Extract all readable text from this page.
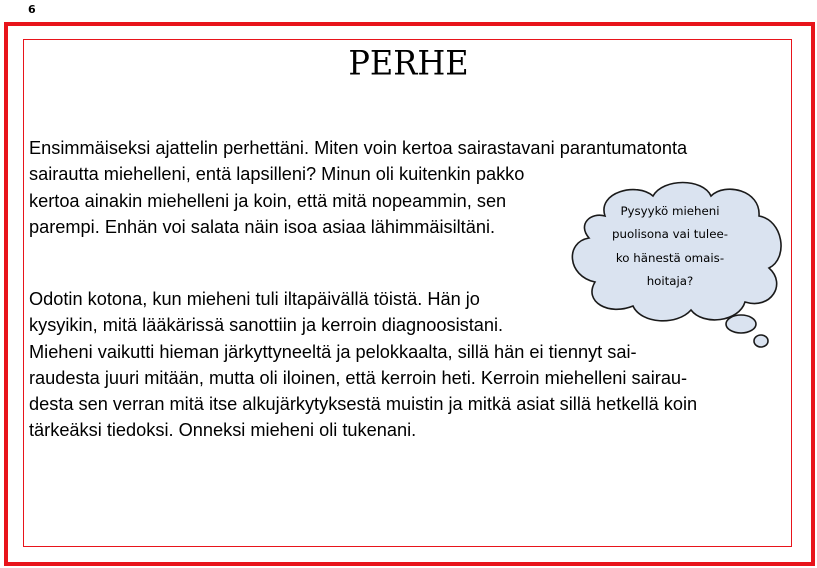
6
PERHE

Ensimmäiseksi ajattelin perhettäni. Miten voin kertoa sairastavani parantumatonta
sairautta miehelleni, entä lapsilleni? Minun oli kuitenkin pakko
kertoa ainakin miehelleni ja koin, että mitä nopeammin, sen
parempi. Enhän voi salata näin isoa asiaa lähimmäisiltäni.

Odotin kotona, kun mieheni tuli iltapäivällä töistä. Hän jo
kysyikin, mitä lääkärissä sanottiin ja kerroin diagnoosistani.
Mieheni vaikutti hieman järkyttyneeltä ja pelokkaalta, sillä hän ei tiennyt sai-
raudesta juuri mitään, mutta oli iloinen, että kerroin heti. Kerroin miehelleni sairau-
desta sen verran mitä itse alkujärkytyksestä muistin ja mitkä asiat sillä hetkellä koin
tärkeäksi tiedoksi. Onneksi mieheni oli tukenani.

Pysyykö mieheni
puolisona vai tulee-
ko hänestä omais-
hoitaja?
